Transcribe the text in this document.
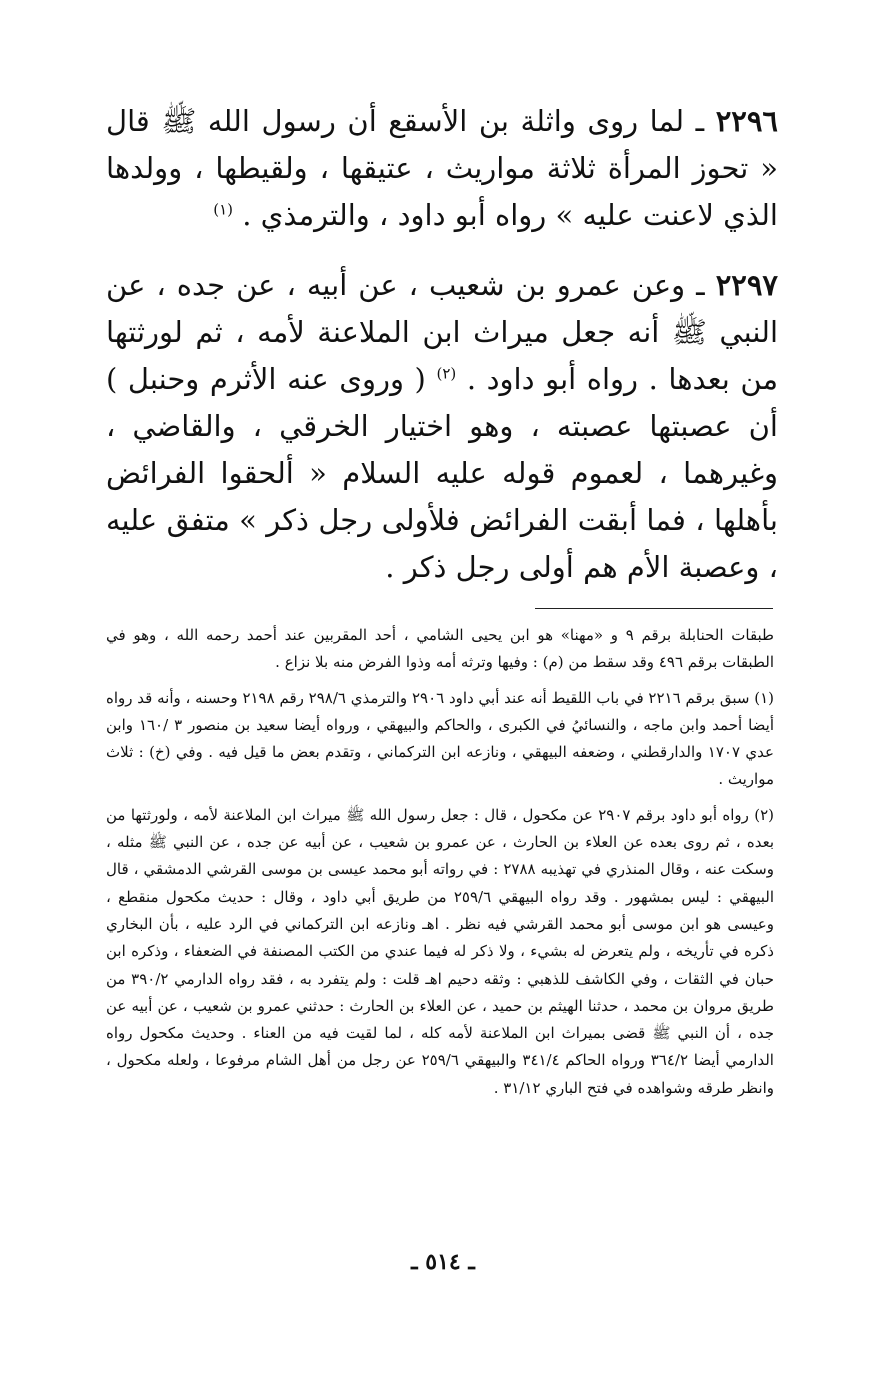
٢٢٩٦ ـ لما روى واثلة بن الأسقع أن رسول الله ﷺ قال « تحوز المرأة ثلاثة مواريث ، عتيقها ، ولقيطها ، وولدها الذي لاعنت عليه » رواه أبو داود ، والترمذي . $^{(١)}$

٢٢٩٧ ـ وعن عمرو بن شعيب ، عن أبيه ، عن جده ، عن النبي ﷺ أنه جعل ميراث ابن الملاعنة لأمه ، ثم لورثتها من بعدها . رواه أبو داود . $^{(٢)}$ ( وروى عنه الأثرم وحنبل ) أن عصبتها عصبته ، وهو اختيار الخرقي ، والقاضي ، وغيرهما ، لعموم قوله عليه السلام « ألحقوا الفرائض بأهلها ، فما أبقت الفرائض فلأولى رجل ذكر » متفق عليه ، وعصبة الأم هم أولى رجل ذكر .

طبقات الحنابلة برقم ٩ و «مهنا» هو ابن يحيى الشامي ، أحد المقربين عند أحمد رحمه الله ، وهو في الطبقات برقم ٤٩٦ وقد سقط من (م) : وفيها وترثه أمه وذوا الفرض منه بلا نزاع .

(١) سبق برقم ٢٢١٦ في باب اللقيط أنه عند أبي داود ٢٩٠٦ والترمذي ٢٩٨/٦ رقم ٢١٩٨ وحسنه ، وأنه قد رواه أيضا أحمد وابن ماجه ، والنسائيُ في الكبرى ، والحاكم والبيهقي ، ورواه أيضا سعيد بن منصور ٣ /١٦٠ وابن عدي ١٧٠٧ والدارقطني ، وضعفه البيهقي ، ونازعه ابن التركماني ، وتقدم بعض ما قيل فيه . وفي (خ) : ثلاث مواريث .

(٢) رواه أبو داود برقم ٢٩٠٧ عن مكحول ، قال : جعل رسول الله ﷺ ميراث ابن الملاعنة لأمه ، ولورثتها من بعده ، ثم روى بعده عن العلاء بن الحارث ، عن عمرو بن شعيب ، عن أبيه عن جده ، عن النبي ﷺ مثله ، وسكت عنه ، وقال المنذري في تهذيبه ٢٧٨٨ : في رواته أبو محمد عيسى بن موسى القرشي الدمشقي ، قال البيهقي : ليس بمشهور . وقد رواه البيهقي ٢٥٩/٦ من طريق أبي داود ، وقال : حديث مكحول منقطع ، وعيسى هو ابن موسى أبو محمد القرشي فيه نظر . اهـ ونازعه ابن التركماني في الرد عليه ، بأن البخاري ذكره في تأريخه ، ولم يتعرض له بشيء ، ولا ذكر له فيما عندي من الكتب المصنفة في الضعفاء ، وذكره ابن حبان في الثقات ، وفي الكاشف للذهبي : وثقه دحيم اهـ قلت : ولم يتفرد به ، فقد رواه الدارمي ٣٩٠/٢ من طريق مروان بن محمد ، حدثنا الهيثم بن حميد ، عن العلاء بن الحارث : حدثني عمرو بن شعيب ، عن أبيه عن جده ، أن النبي ﷺ قضى بميراث ابن الملاعنة لأمه كله ، لما لقيت فيه من العناء . وحديث مكحول رواه الدارمي أيضا ٣٦٤/٢ ورواه الحاكم ٣٤١/٤ والبيهقي ٢٥٩/٦ عن رجل من أهل الشام مرفوعا ، ولعله مكحول ، وانظر طرقه وشواهده في فتح الباري ٣١/١٢ .

ـ ٥١٤ ـ
